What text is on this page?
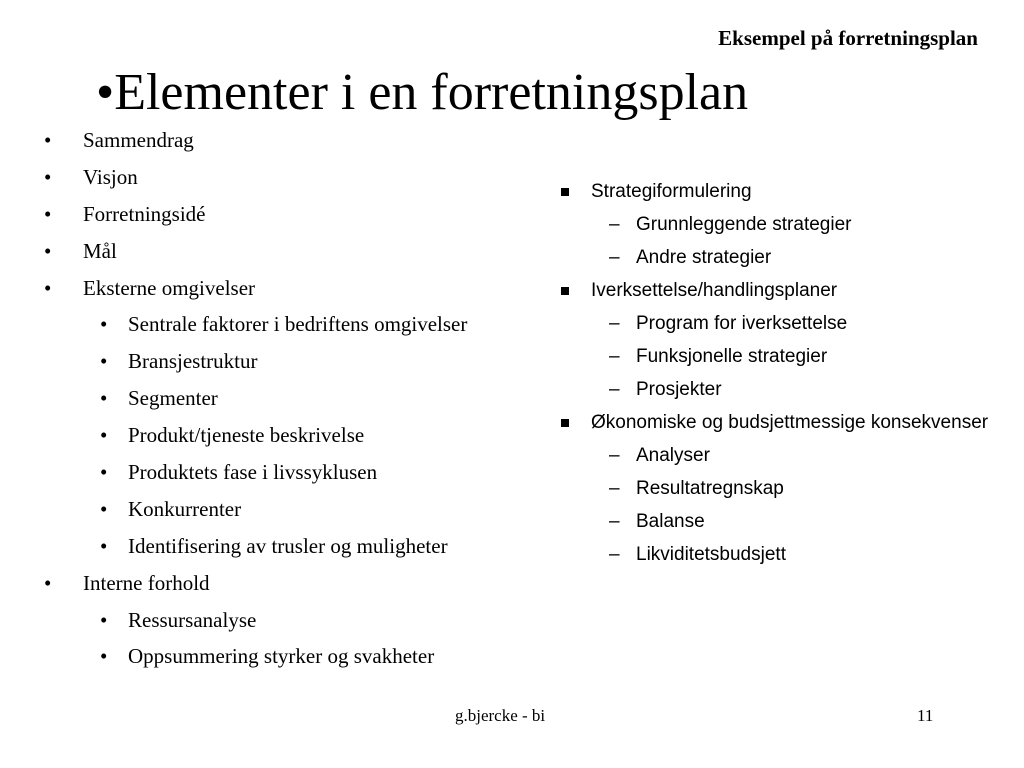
Eksempel på forretningsplan
•Elementer i en forretningsplan
• Sammendrag
• Visjon
• Forretningsidé
• Mål
• Eksterne omgivelser
• Sentrale faktorer i bedriftens omgivelser
• Bransjestruktur
• Segmenter
• Produkt/tjeneste beskrivelse
• Produktets fase i livssyklusen
• Konkurrenter
• Identifisering av trusler og muligheter
• Interne forhold
• Ressursanalyse
• Oppsummering styrker og svakheter
Strategiformulering
– Grunnleggende strategier
– Andre strategier
Iverksettelse/handlingsplaner
– Program for iverksettelse
– Funksjonelle strategier
– Prosjekter
Økonomiske og budsjettmessige konsekvenser
– Analyser
– Resultatregnskap
– Balanse
– Likviditetsbudsjett
g.bjercke - bi	11
